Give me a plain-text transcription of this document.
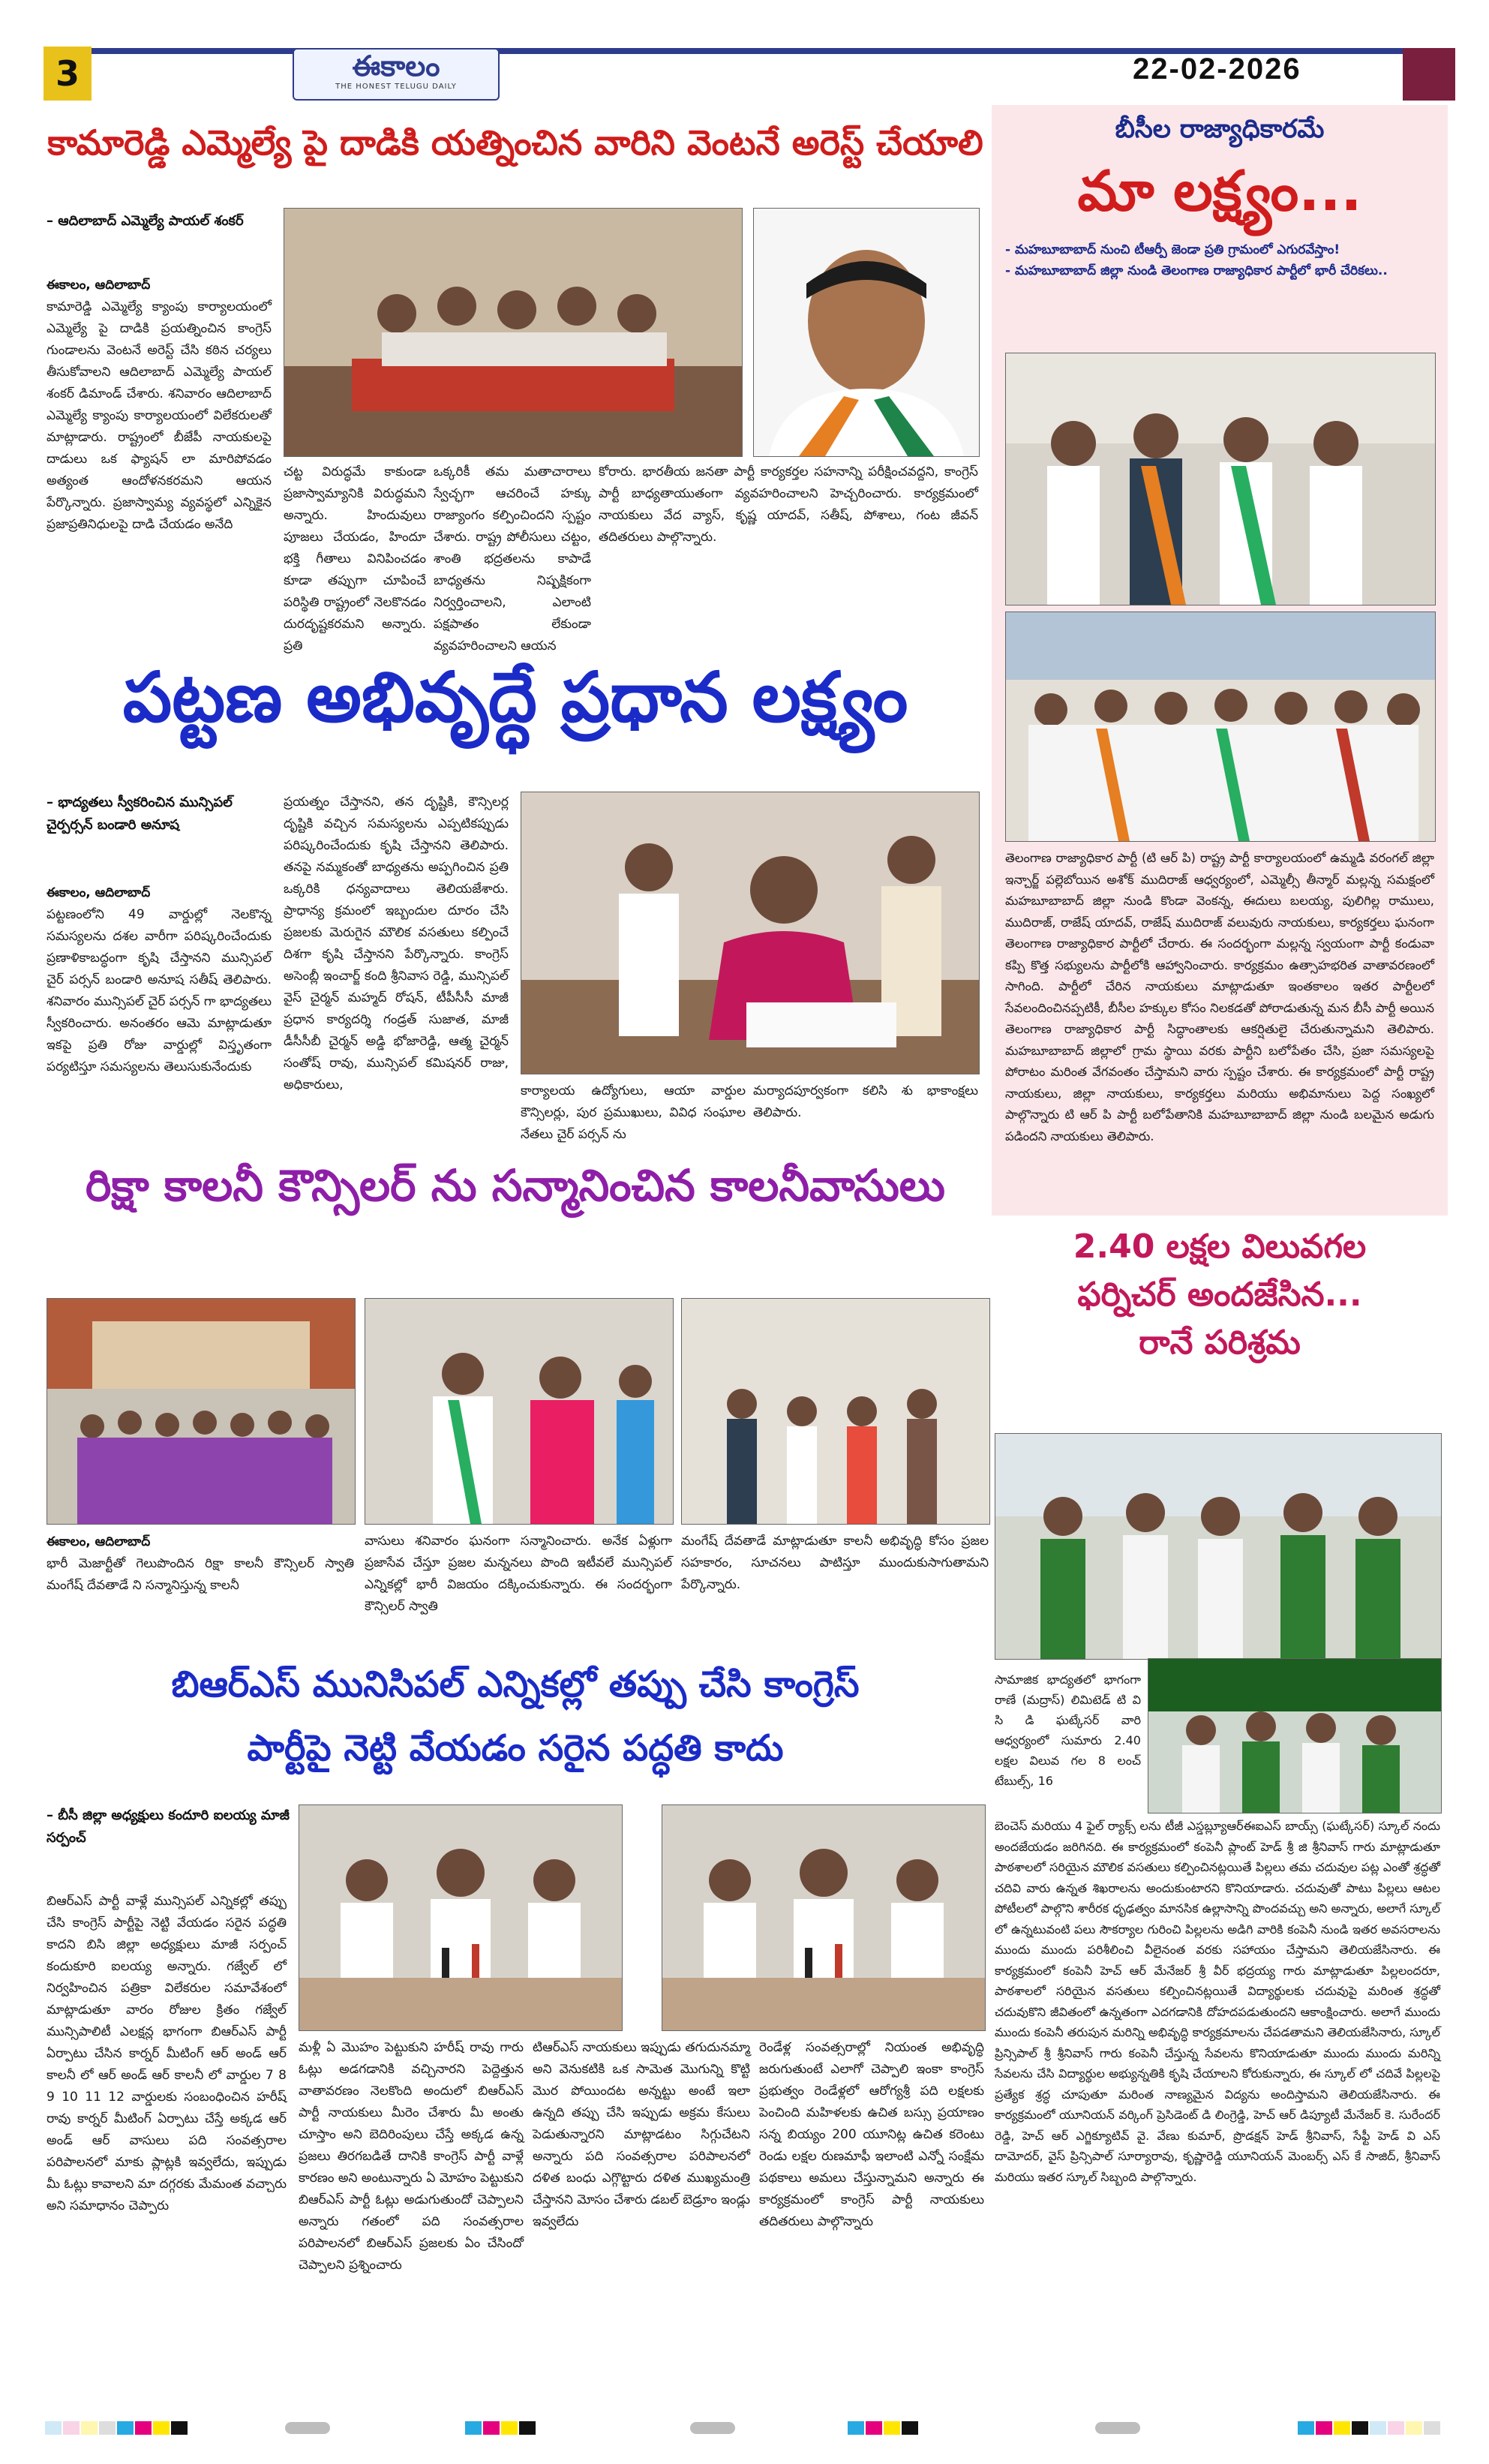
3	ఈకాలం
THE HONEST TELUGU DAILY
22-02-2026
కామారెడ్డి ఎమ్మెల్యే పై దాడికి యత్నించిన వారిని వెంటనే అరెస్ట్ చేయాలి
– ఆదిలాబాద్ ఎమ్మెల్యే పాయల్ శంకర్
ఈకాలం, ఆదిలాబాద్
కామారెడ్డి ఎమ్మెల్యే క్యాంపు కార్యాలయంలో ఎమ్మెల్యే పై దాడికి ప్రయత్నించిన కాంగ్రెస్ గుండాలను వెంటనే అరెస్ట్ చేసి కఠిన చర్యలు తీసుకోవాలని ఆదిలాబాద్ ఎమ్మెల్యే పాయల్ శంకర్ డిమాండ్ చేశారు. శనివారం ఆదిలాబాద్ ఎమ్మెల్యే క్యాంపు కార్యాలయంలో విలేకరులతో మాట్లాడారు. రాష్ట్రంలో బీజేపీ నాయకులపై దాడులు ఒక ఫ్యాషన్ లా మారిపోవడం అత్యంత ఆందోళనకరమని ఆయన పేర్కొన్నారు. ప్రజాస్వామ్య వ్యవస్థలో ఎన్నికైన ప్రజాప్రతినిధులపై దాడి చేయడం అనేది
చట్ట విరుద్ధమే కాకుండా ప్రజాస్వామ్యానికి విరుద్ధమని అన్నారు. హిందువులు పూజలు చేయడం, హిందూ భక్తి గీతాలు వినిపించడం కూడా తప్పుగా చూపించే పరిస్థితి రాష్ట్రంలో నెలకొనడం దురదృష్టకరమని అన్నారు. ప్రతి
ఒక్కరికీ తమ మతాచారాలు స్వేచ్ఛగా ఆచరించే హక్కు రాజ్యాంగం కల్పించిందని స్పష్టం చేశారు. రాష్ట్ర పోలీసులు చట్టం, శాంతి భద్రతలను కాపాడే బాధ్యతను నిష్పక్షికంగా నిర్వర్తించాలని, ఎలాంటి పక్షపాతం లేకుండా వ్యవహరించాలని ఆయన
కోరారు. భారతీయ జనతా పార్టీ కార్యకర్తల సహనాన్ని పరీక్షించవద్దని, కాంగ్రెస్ పార్టీ బాధ్యతాయుతంగా వ్యవహరించాలని హెచ్చరించారు. కార్యక్రమంలో నాయకులు వేద వ్యాస్, కృష్ణ యాదవ్, సతీష్, పోశాలు, గంట జీవన్ తదితరులు పాల్గొన్నారు.
బీసీల రాజ్యాధికారమే
మా లక్ష్యం...
- మహబూబాబాద్ నుంచి టీఆర్పీ జెండా ప్రతి గ్రామంలో ఎగురవేస్తాం!
- మహబూబాబాద్ జిల్లా నుండి తెలంగాణ రాజ్యాధికార పార్టీలో భారీ చేరికలు..
తెలంగాణ రాజ్యాధికార పార్టీ (టి ఆర్ పి) రాష్ట్ర పార్టీ కార్యాలయంలో ఉమ్మడి వరంగల్ జిల్లా ఇన్చార్జ్ పల్లెబోయిన అశోక్ ముదిరాజ్ ఆధ్వర్యంలో, ఎమ్మెల్సీ తీన్మార్ మల్లన్న సమక్షంలో మహబూబాబాద్ జిల్లా నుండి కొండా వెంకన్న, ఈదులు బలయ్య, పులిగిల్ల రాములు, ముదిరాజ్, రాజేష్ యాదవ్, రాజేష్ ముదిరాజ్ వలువురు నాయకులు, కార్యకర్తలు ఘనంగా తెలంగాణ రాజ్యాధికార పార్టీలో చేరారు. ఈ సందర్భంగా మల్లన్న స్వయంగా పార్టీ కండువా కప్పి కొత్త సభ్యులను పార్టీలోకి ఆహ్వానించారు. కార్యక్రమం ఉత్సాహభరిత వాతావరణంలో సాగింది. పార్టీలో చేరిన నాయకులు మాట్లాడుతూ ఇంతకాలం ఇతర పార్టీలలో సేవలందించినప్పటికీ, బీసీల హక్కుల కోసం నిలకడతో పోరాడుతున్న మన బీసీ పార్టీ అయిన తెలంగాణ రాజ్యాధికార పార్టీ సిద్ధాంతాలకు ఆకర్షితులై చేరుతున్నామని తెలిపారు. మహబూబాబాద్ జిల్లాలో గ్రామ స్థాయి వరకు పార్టీని బలోపేతం చేసి, ప్రజా సమస్యలపై పోరాటం మరింత వేగవంతం చేస్తామని వారు స్పష్టం చేశారు. ఈ కార్యక్రమంలో పార్టీ రాష్ట్ర నాయకులు, జిల్లా నాయకులు, కార్యకర్తలు మరియు అభిమానులు పెద్ద సంఖ్యలో పాల్గొన్నారు టి ఆర్ పి పార్టీ బలోపేతానికి మహబూబాబాద్ జిల్లా నుండి బలమైన అడుగు పడిందని నాయకులు తెలిపారు.
పట్టణ అభివృద్ధే ప్రధాన లక్ష్యం
– భాద్యతలు స్వీకరించిన మున్సిపల్ చైర్పర్సన్ బండారి అనూష
ఈకాలం, ఆదిలాబాద్
పట్టణంలోని 49 వార్డుల్లో నెలకొన్న సమస్యలను దశల వారీగా పరిష్కరించేందుకు ప్రణాళికాబద్ధంగా కృషి చేస్తానని మున్సిపల్ చైర్ పర్సన్ బండారి అనూష సతీష్ తెలిపారు. శనివారం మున్సిపల్ చైర్ పర్సన్ గా భాద్యతలు స్వీకరించారు. అనంతరం ఆమె మాట్లాడుతూ ఇకపై ప్రతి రోజు వార్డుల్లో విస్తృతంగా పర్యటిస్తూ సమస్యలను తెలుసుకునేందుకు
ప్రయత్నం చేస్తానని, తన దృష్టికి, కౌన్సిలర్ల దృష్టికి వచ్చిన సమస్యలను ఎప్పటికప్పుడు పరిష్కరించేందుకు కృషి చేస్తానని తెలిపారు. తనపై నమ్మకంతో బాధ్యతను అప్పగించిన ప్రతి ఒక్కరికి ధన్యవాదాలు తెలియజేశారు. ప్రాధాన్య క్రమంలో ఇబ్బందుల దూరం చేసి ప్రజలకు మెరుగైన మౌలిక వసతులు కల్పించే దిశగా కృషి చేస్తానని పేర్కొన్నారు. కాంగ్రెస్ అసెంబ్లీ ఇంచార్జ్ కంది శ్రీనివాస రెడ్డి, మున్సిపల్ వైస్ చైర్మన్ మహ్మద్ రోషన్, టీపీసీసీ మాజీ ప్రధాన కార్యదర్శి గండ్రత్ సుజాత, మాజీ డీసీసీబీ చైర్మన్ అడ్డి భోజారెడ్డి, ఆత్మ చైర్మన్ సంతోష్ రావు, మున్సిపల్ కమిషనర్ రాజు, అధికారులు,	కార్యాలయ ఉద్యోగులు, ఆయా వార్డుల కౌన్సిలర్లు, పుర ప్రముఖులు, వివిధ సంఘాల నేతలు చైర్ పర్సన్ ను
మర్యాదపూర్వకంగా కలిసి శు భాకాంక్షలు తెలిపారు.
రిక్షా కాలనీ కౌన్సిలర్ ను సన్మానించిన కాలనీవాసులు
ఈకాలం, ఆదిలాబాద్
భారీ మెజార్టీతో గెలుపొందిన రిక్షా కాలనీ కౌన్సిలర్ స్వాతి మంగేష్ దేవతాడే ని సన్మానిస్తున్న కాలనీ
వాసులు శనివారం ఘనంగా సన్మానించారు. అనేక ఏళ్లుగా ప్రజాసేవ చేస్తూ ప్రజల మన్ననలు పొంది ఇటీవలే మున్సిపల్ ఎన్నికల్లో భారీ విజయం దక్కించుకున్నారు. ఈ సందర్భంగా కౌన్సిలర్ స్వాతి
మంగేష్ దేవతాడే మాట్లాడుతూ కాలనీ అభివృద్ధి కోసం ప్రజల సహకారం, సూచనలు పాటిస్తూ ముందుకుసాగుతామని పేర్కొన్నారు.
2.40 లక్షల విలువగల
ఫర్నిచర్ అందజేసిన...
రానే పరిశ్రమ
సామాజిక భాద్యతలో భాగంగా రాణే (మద్రాస్) లిమిటెడ్ టి వి సి డి ఘట్కేసర్ వారి ఆధ్వర్యంలో సుమారు 2.40 లక్షల విలువ గల 8 లంచ్ టేబుల్స్, 16
బెంచెస్ మరియు 4 ఫైల్ ర్యాక్స్ లను టీజీ ఎస్డబ్ల్యూఆర్ఈఐఎస్ బాయ్స్ (ఘట్కేసర్) స్కూల్ నందు అందజేయడం జరిగినది. ఈ కార్యక్రమంలో కంపెనీ ప్లాంట్ హెడ్ శ్రీ జి శ్రీనివాస్ గారు మాట్లాడుతూ పాఠశాలలో సరియైన మౌలిక వసతులు కల్పించినట్లయితే పిల్లలు తమ చదువుల పట్ల ఎంతో శ్రద్ధతో చదివి వారు ఉన్నత శిఖరాలను అందుకుంటారని కొనియాడారు. చదువుతో పాటు పిల్లలు ఆటల పోటీలలో పాల్గొని శారీరక ధృఢత్వం మానసిక ఉల్లాసాన్ని పొందవచ్చు అని అన్నారు, అలాగే స్కూల్ లో ఉన్నటువంటి పలు సౌకర్యాల గురించి పిల్లలను అడిగి వారికి కంపెనీ నుండి ఇతర అవసరాలను ముందు ముందు పరిశీలించి వీలైనంత వరకు సహాయం చేస్తామని తెలియజేసినారు. ఈ కార్యక్రమంలో కంపెనీ హెచ్ ఆర్ మేనేజర్ శ్రీ వీర్ భద్రయ్య గారు మాట్లాడుతూ పిల్లలందరూ, పాఠశాలలో సరియైన వసతులు కల్పించినట్లయితే విద్యార్థులకు చదువుపై మరింత శ్రద్ధతో చదువుకొని జీవితంలో ఉన్నతంగా ఎదగడానికి దోహదపడుతుందని ఆకాంక్షించారు. అలాగే ముందు ముందు కంపెనీ తరుపున మరిన్ని అభివృద్ధి కార్యక్రమాలను చేపడతామని తెలియజేసినారు, స్కూల్ ప్రిన్సిపాల్ శ్రీ శ్రీనివాస్ గారు కంపెనీ చేస్తున్న సేవలను కొనియాడుతూ ముందు ముందు మరిన్ని సేవలను చేసి విద్యార్థుల అభ్యున్నతికి కృషి చేయాలని కోరుకున్నారు, ఈ స్కూల్ లో చదివే పిల్లలపై ప్రత్యేక శ్రద్ధ చూపుతూ మరింత నాణ్యమైన విద్యను అందిస్తామని తెలియజేసినారు. ఈ కార్యక్రమంలో యూనియన్ వర్కింగ్ ప్రెసిడెంట్ డి లింగ్రెడ్డి, హెచ్ ఆర్ డిప్యూటీ మేనేజర్ కె. సురేందర్ రెడ్డి, హెచ్ ఆర్ ఎగ్జిక్యూటివ్ వై. వేణు కుమార్, ప్రొడక్షన్ హెడ్ శ్రీనివాస్, సేఫ్టీ హెడ్ వి ఎస్ దామోదర్, వైస్ ప్రిన్సిపాల్ సూర్యారావు, కృష్ణారెడ్డి యూనియన్ మెంబర్స్ ఎస్ కే సాజిద్, శ్రీనివాస్ మరియు ఇతర స్కూల్ సిబ్బంది పాల్గొన్నారు.
బిఆర్ఎస్ మునిసిపల్ ఎన్నికల్లో తప్పు చేసి కాంగ్రెస్
పార్టీపై నెట్టి వేయడం సరైన పద్ధతి కాదు
– బీసీ జిల్లా అధ్యక్షులు కందూరి ఐలయ్య మాజీ సర్పంచ్
బిఆర్ఎస్ పార్టీ వాళ్లే మున్సిపల్ ఎన్నికల్లో తప్పు చేసి కాంగ్రెస్ పార్టీపై నెట్టి వేయడం సరైన పద్ధతి కాదని బిసి జిల్లా అధ్యక్షులు మాజీ సర్పంచ్ కందుకూరి ఐలయ్య అన్నారు. గజ్వేల్ లో నిర్వహించిన పత్రికా విలేకరుల సమావేశంలో మాట్లాడుతూ వారం రోజుల క్రితం గజ్వేల్ మున్సిపాలిటీ ఎలక్షన్ల భాగంగా బిఆర్ఎస్ పార్టీ ఏర్పాటు చేసిన కార్నర్ మీటింగ్ ఆర్ అండ్ ఆర్ కాలనీ లో ఆర్ అండ్ ఆర్ కాలనీ లో వార్డుల 7 8 9 10 11 12 వార్డులకు సంబంధించిన హరీష్ రావు కార్నర్ మీటింగ్ ఏర్పాటు చేస్తే అక్కడ ఆర్ అండ్ ఆర్ వాసులు పది సంవత్సరాల పరిపాలనలో మాకు ప్లాట్లకి ఇవ్వలేదు, ఇప్పుడు మీ ఓట్లు కావాలని మా దగ్గరకు మేమంత వచ్చారు అని సమాధానం చెప్పారు
మళ్లీ ఏ మొహం పెట్టుకుని హరీష్ రావు గారు ఓట్లు అడగడానికి వచ్చినారని పెద్దెత్తున వాతావరణం నెలకొంది అందులో బిఆర్ఎస్ పార్టీ నాయకులు మీరెం చేశారు మీ అంతు చూస్తాం అని బెదిరింపులు చేస్తే అక్కడ ఉన్న ప్రజలు తిరగబడితే దానికి కాంగ్రెస్ పార్టీ వాళ్లే కారణం అని అంటున్నారు ఏ మోహం పెట్టుకుని బిఆర్ఎస్ పార్టీ ఓట్లు అడుగుతుందో చెప్పాలని అన్నారు గతంలో పది సంవత్సరాల పరిపాలనలో బిఆర్ఎస్ ప్రజలకు ఏం చేసిందో చెప్పాలని ప్రశ్నించారు
టిఆర్ఎస్ నాయకులు ఇప్పుడు తగుదునమ్మా అని వెనుకటికి ఒక సామెత మొగున్ని కొట్టి మొర పోయిందట అన్నట్టు అంటే ఇలా ఉన్నది తప్పు చేసి ఇప్పుడు అక్రమ కేసులు పెడుతున్నారని మాట్లాడటం సిగ్గుచేటని అన్నారు పది సంవత్సరాల పరిపాలనలో దళిత బంధు ఎగ్గొట్టారు దళిత ముఖ్యమంత్రి చేస్తానని మోసం చేశారు డబల్ బెడ్రూం ఇండ్లు ఇవ్వలేదు
రెండేళ్ల సంవత్సరాల్లో నియంత అభివృద్ధి జరుగుతుంటే ఎలాగో చెప్పాలి ఇంకా కాంగ్రెస్ ప్రభుత్వం రెండేళ్లలో ఆరోగ్యశ్రీ పది లక్షలకు పెంచింది మహిళలకు ఉచిత బస్సు ప్రయాణం సన్న బియ్యం 200 యూనిట్ల ఉచిత కరెంటు రెండు లక్షల రుణమాఫీ ఇలాంటి ఎన్నో సంక్షేమ పథకాలు అమలు చేస్తున్నామని అన్నారు ఈ కార్యక్రమంలో కాంగ్రెస్ పార్టీ నాయకులు తదితరులు పాల్గొన్నారు
